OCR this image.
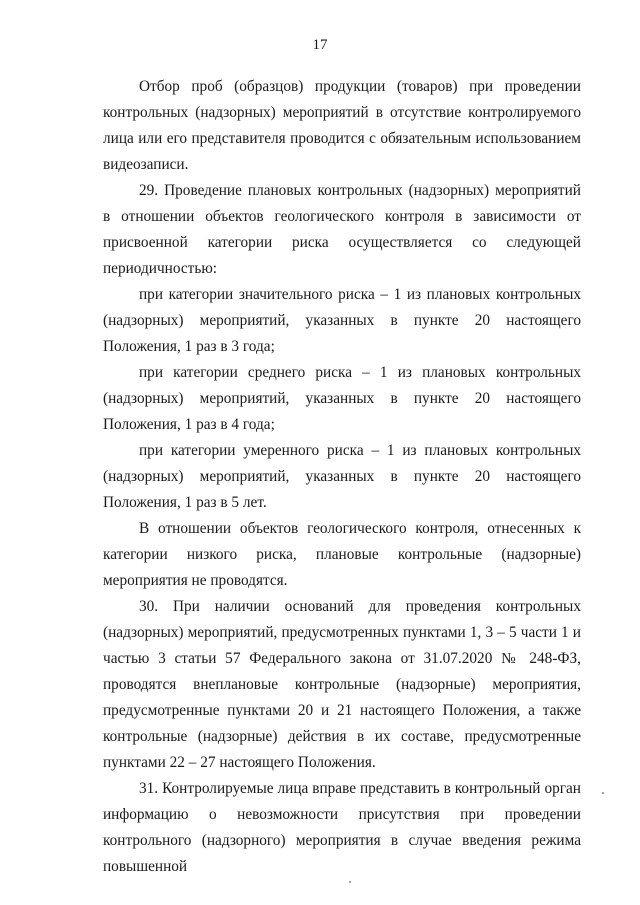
17

Отбор проб (образцов) продукции (товаров) при проведении контрольных (надзорных) мероприятий в отсутствие контролируемого лица или его представителя проводится с обязательным использованием видеозаписи.

29. Проведение плановых контрольных (надзорных) мероприятий в отношении объектов геологического контроля в зависимости от присвоенной категории риска осуществляется со следующей периодичностью:

при категории значительного риска – 1 из плановых контрольных (надзорных) мероприятий, указанных в пункте 20 настоящего Положения, 1 раз в 3 года;

при категории среднего риска – 1 из плановых контрольных (надзорных) мероприятий, указанных в пункте 20 настоящего Положения, 1 раз в 4 года;

при категории умеренного риска – 1 из плановых контрольных (надзорных) мероприятий, указанных в пункте 20 настоящего Положения, 1 раз в 5 лет.

В отношении объектов геологического контроля, отнесенных к категории низкого риска, плановые контрольные (надзорные) мероприятия не проводятся.

30. При наличии оснований для проведения контрольных (надзорных) мероприятий, предусмотренных пунктами 1, 3 – 5 части 1 и частью 3 статьи 57 Федерального закона от 31.07.2020 № 248-ФЗ, проводятся внеплановые контрольные (надзорные) мероприятия, предусмотренные пунктами 20 и 21 настоящего Положения, а также контрольные (надзорные) действия в их составе, предусмотренные пунктами 22 – 27 настоящего Положения.

31. Контролируемые лица вправе представить в контрольный орган информацию о невозможности присутствия при проведении контрольного (надзорного) мероприятия в случае введения режима повышенной
